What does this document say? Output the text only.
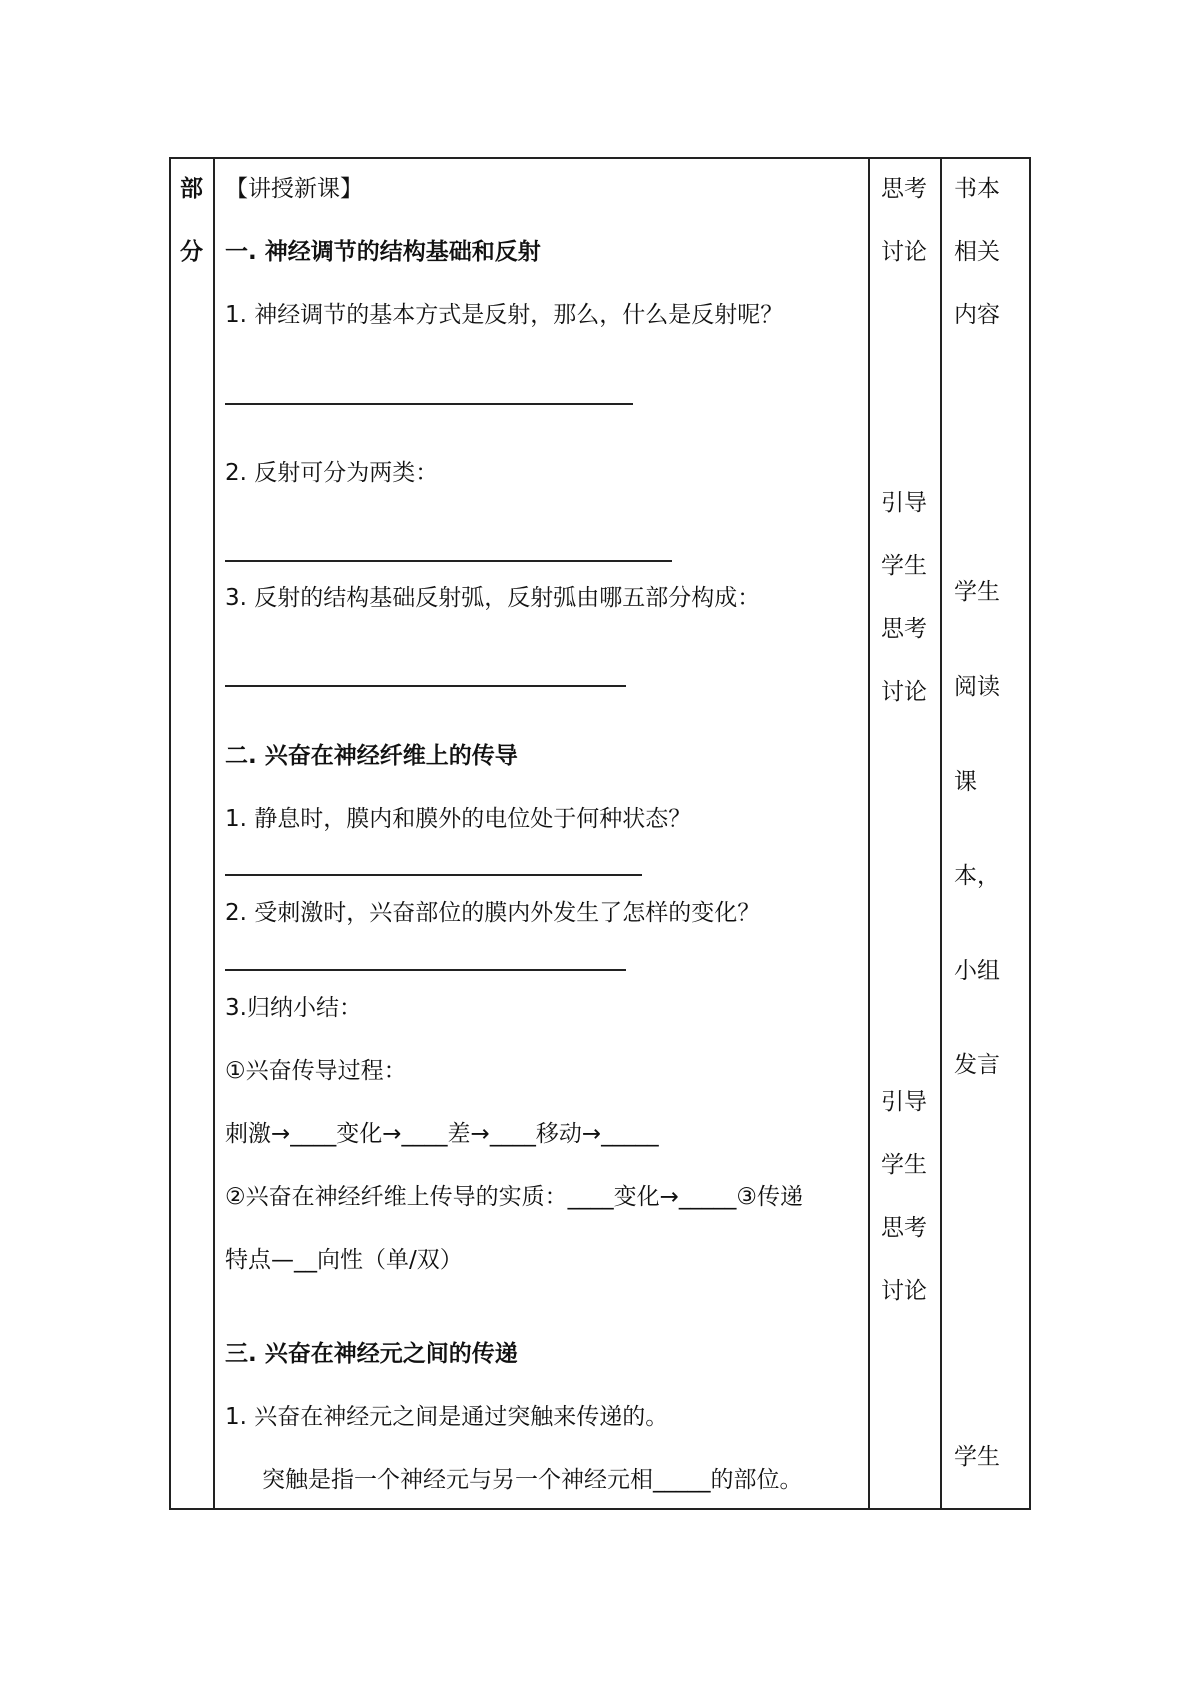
部
分
【讲授新课】
一. 神经调节的结构基础和反射
1. 神经调节的基本方式是反射，那么，什么是反射呢？
2. 反射可分为两类：
3. 反射的结构基础反射弧，反射弧由哪五部分构成：
二. 兴奋在神经纤维上的传导
1. 静息时，膜内和膜外的电位处于何种状态？
2. 受刺激时，兴奋部位的膜内外发生了怎样的变化？
3.归纳小结：
①兴奋传导过程：
刺激→____变化→____差→____移动→_____
②兴奋在神经纤维上传导的实质：____变化→_____③传递
特点—__向性（单/双）
三. 兴奋在神经元之间的传递
1. 兴奋在神经元之间是通过突触来传递的。
突触是指一个神经元与另一个神经元相_____的部位。
思考
讨论
引导
学生
思考
讨论
引导
学生
思考
讨论
书本
相关
内容
学生
阅读
课
本，
小组
发言
学生
